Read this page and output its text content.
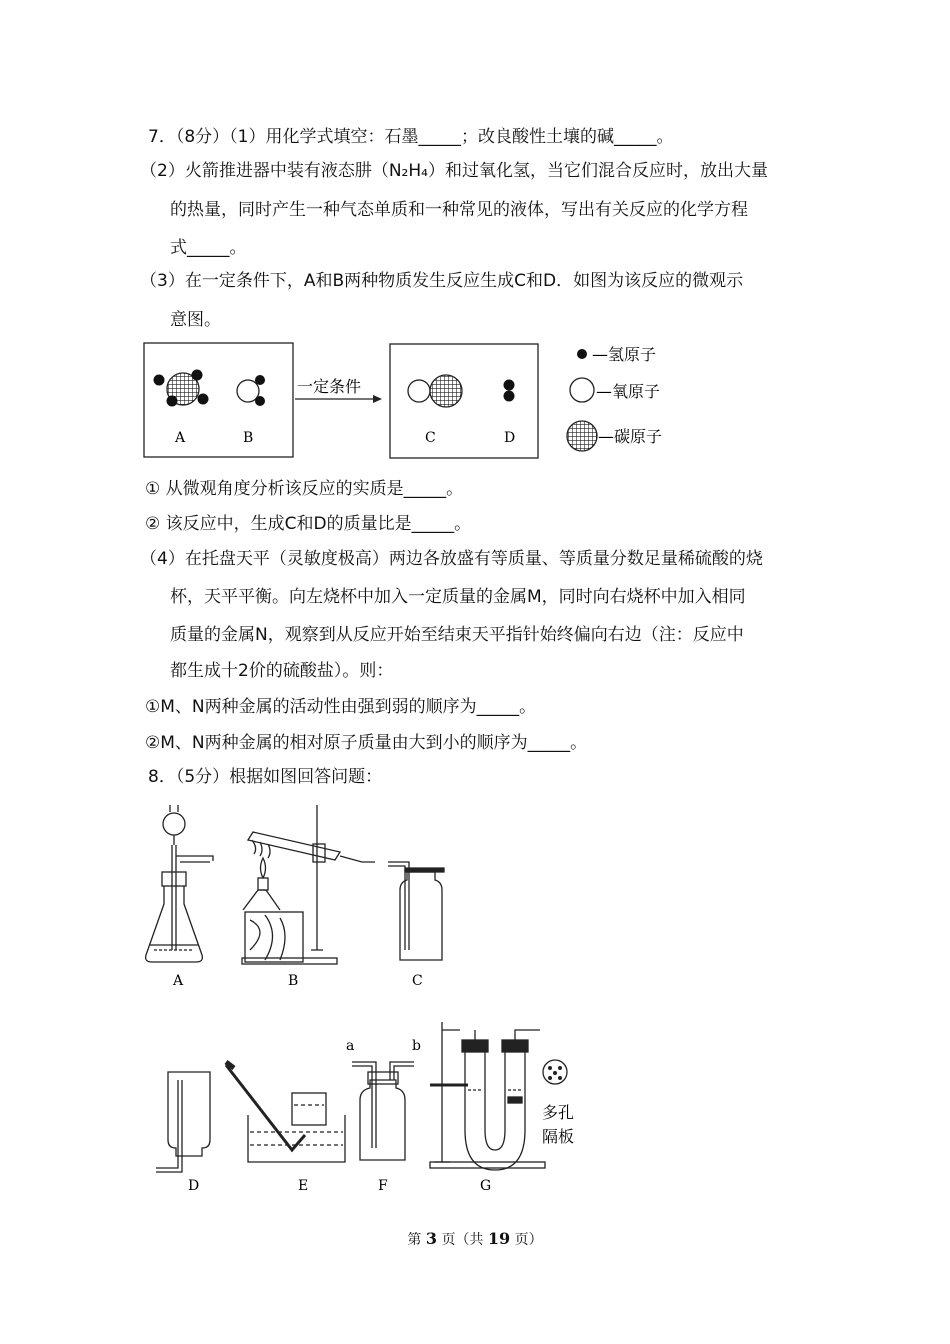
7．（8分）（1）用化学式填空：石墨_____；改良酸性土壤的碱_____。
（2）火箭推进器中装有液态肼（N₂H₄）和过氧化氢，当它们混合反应时，放出大量
的热量，同时产生一种气态单质和一种常见的液体，写出有关反应的化学方程
式_____。
（3）在一定条件下，A和B两种物质发生反应生成C和D．如图为该反应的微观示
意图。
A	B
一定条件
C	D
—氢原子
—氧原子
—碳原子
① 从微观角度分析该反应的实质是_____。
② 该反应中，生成C和D的质量比是_____。
（4）在托盘天平（灵敏度极高）两边各放盛有等质量、等质量分数足量稀硫酸的烧
杯，天平平衡。向左烧杯中加入一定质量的金属M，同时向右烧杯中加入相同
质量的金属N，观察到从反应开始至结束天平指针始终偏向右边（注：反应中
都生成十2价的硫酸盐）。则：
①M、N两种金属的活动性由强到弱的顺序为_____。
②M、N两种金属的相对原子质量由大到小的顺序为_____。
8．（5分）根据如图回答问题：
A	B	C
D	E	F	G
a	b
多孔
隔板
第 3 页（共 19 页）
